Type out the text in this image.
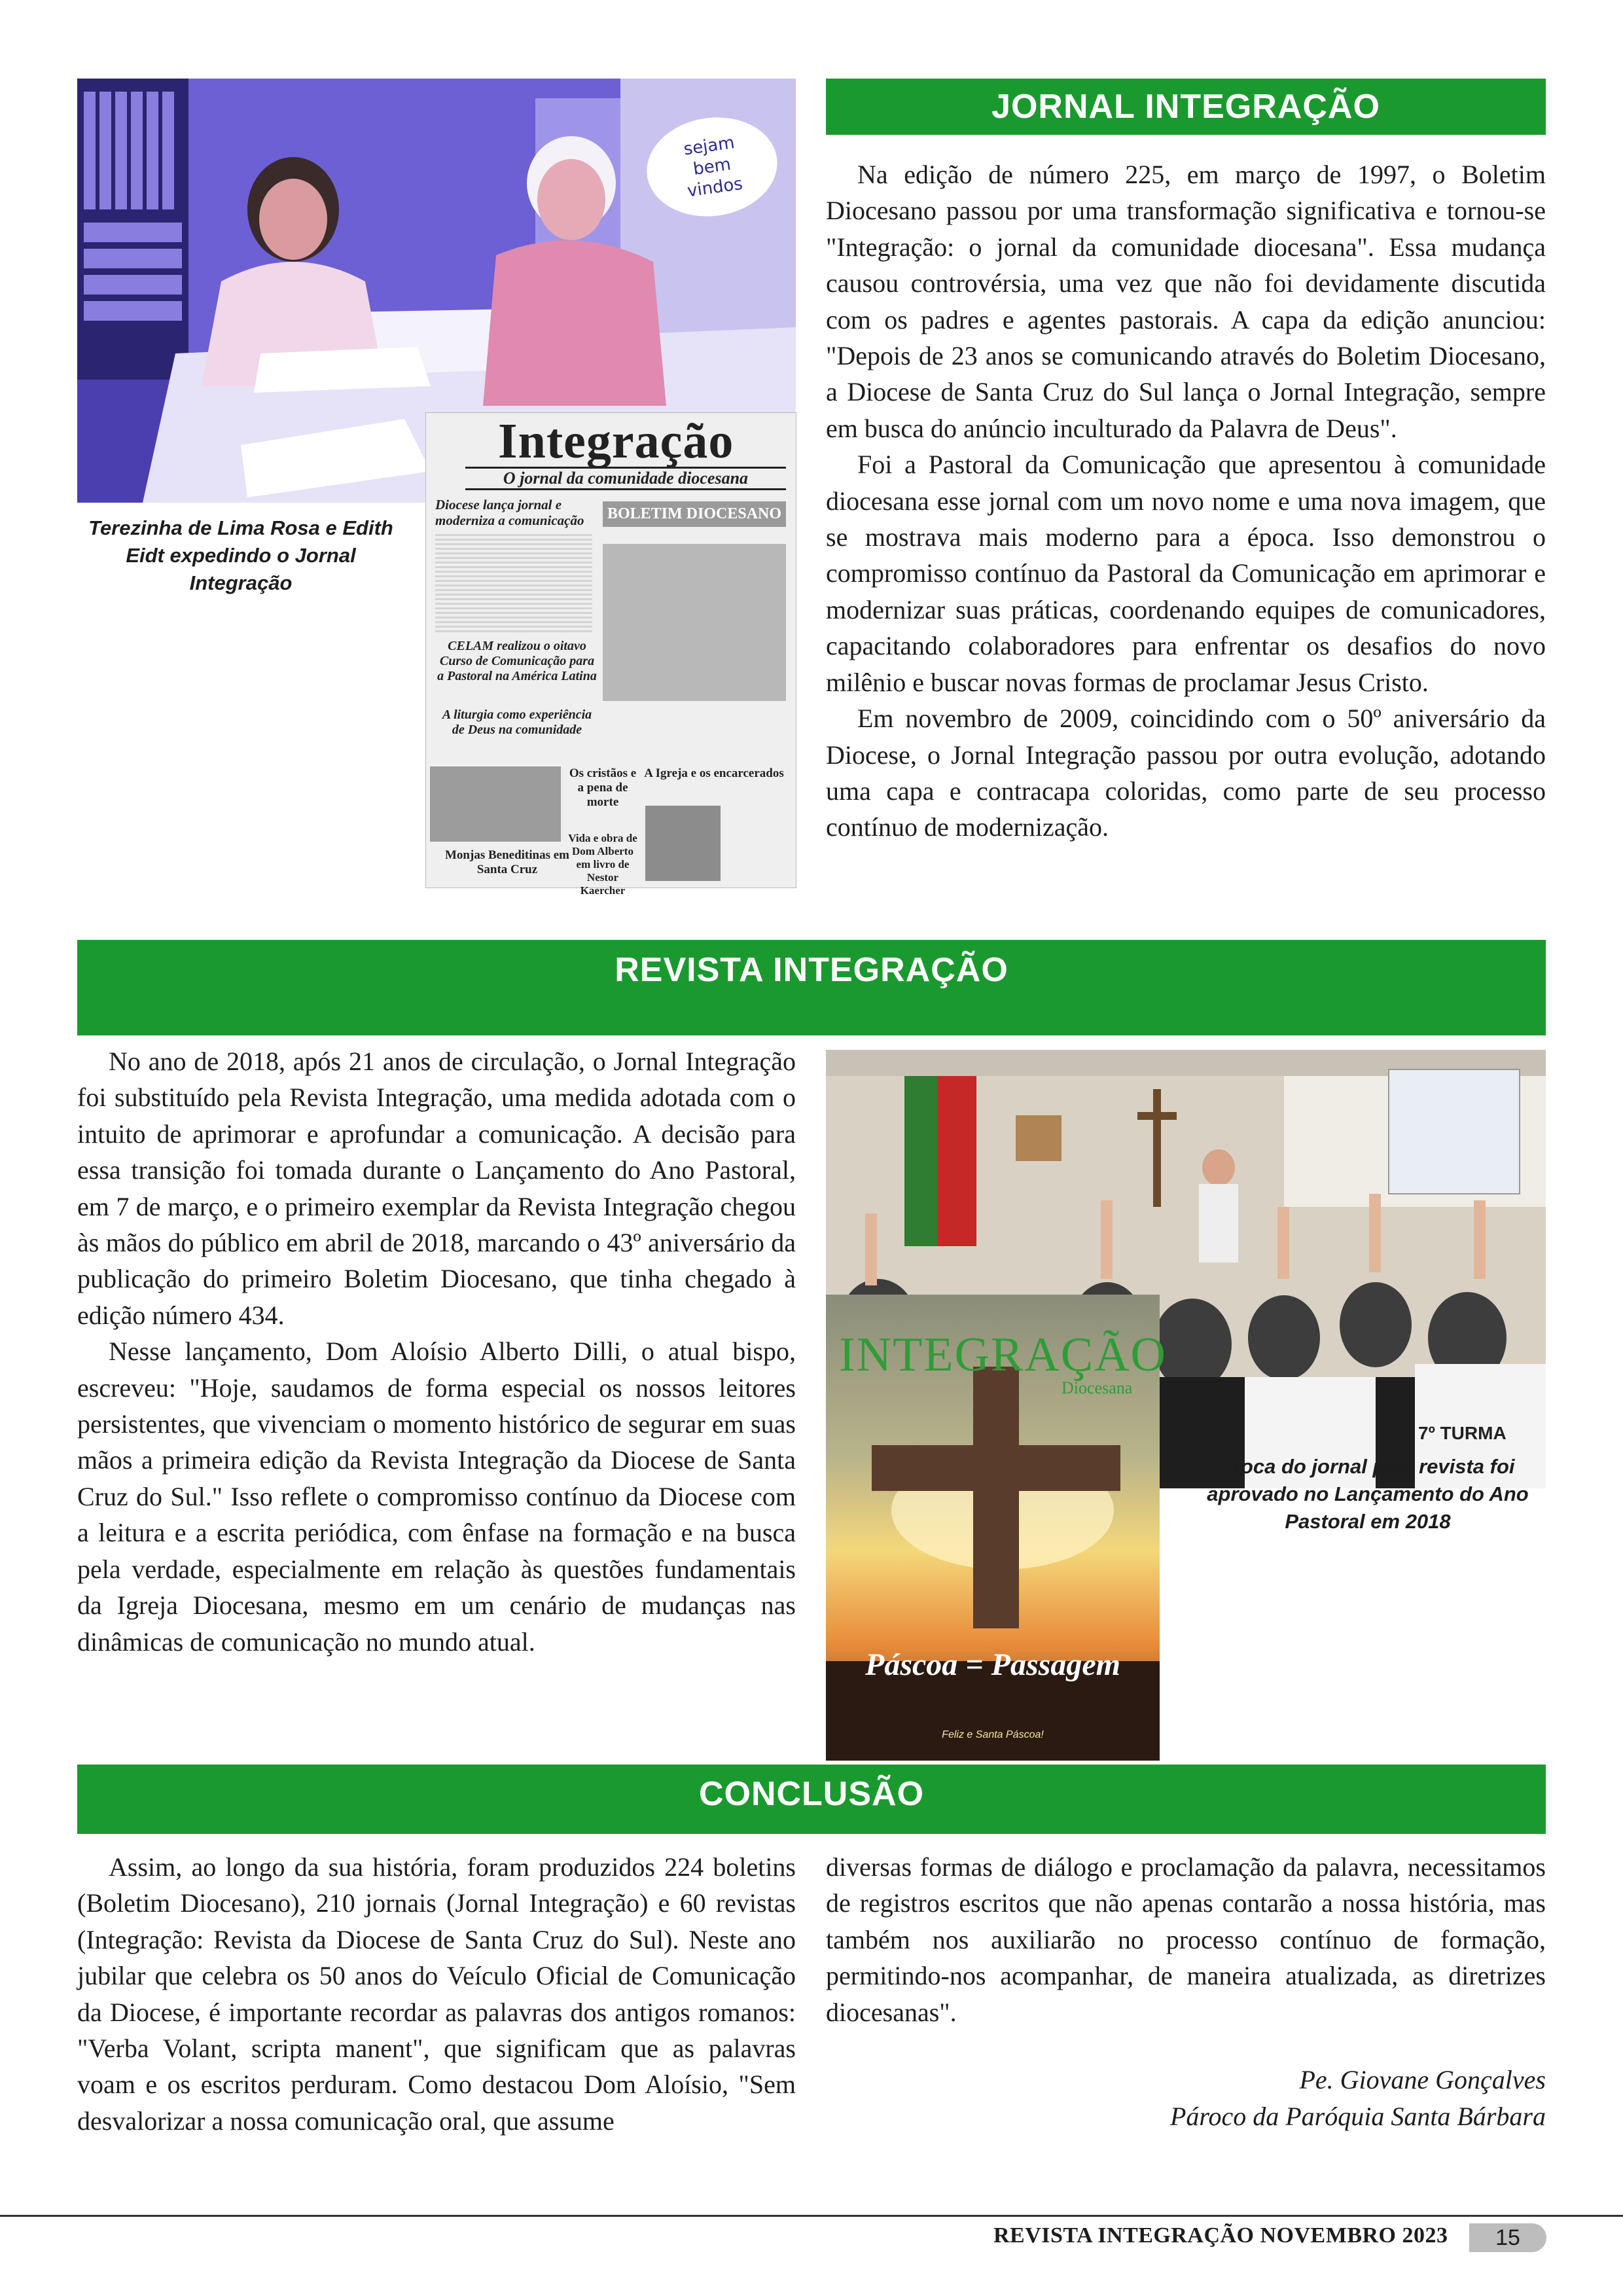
sejam
bem
vindos
Integração
O jornal da comunidade diocesana
Diocese lança jornal e moderniza a comunicação	BOLETIM DIOCESANO
CELAM realizou o oitavo Curso de Comunicação para a Pastoral na América Latina
A liturgia como experiência de Deus na comunidade
Monjas Beneditinas em Santa Cruz
Os cristãos e a pena de morte
Vida e obra de Dom Alberto em livro de Nestor Kaercher
A Igreja e os encarcerados
Terezinha de Lima Rosa e Edith Eidt expedindo o Jornal Integração
JORNAL INTEGRAÇÃO

Na edição de número 225, em março de 1997, o Boletim Diocesano passou por uma transformação significativa e tornou-se "Integração: o jornal da comunidade diocesana". Essa mudança causou controvérsia, uma vez que não foi devidamente discutida com os padres e agentes pastorais. A capa da edição anunciou: "Depois de 23 anos se comunicando através do Boletim Diocesano, a Diocese de Santa Cruz do Sul lança o Jornal Integração, sempre em busca do anúncio inculturado da Palavra de Deus".

Foi a Pastoral da Comunicação que apresentou à comunidade diocesana esse jornal com um novo nome e uma nova imagem, que se mostrava mais moderno para a época. Isso demonstrou o compromisso contínuo da Pastoral da Comunicação em aprimorar e modernizar suas práticas, coordenando equipes de comunicadores, capacitando colaboradores para enfrentar os desafios do novo milênio e buscar novas formas de proclamar Jesus Cristo.

Em novembro de 2009, coincidindo com o 50º aniversário da Diocese, o Jornal Integração passou por outra evolução, adotando uma capa e contracapa coloridas, como parte de seu processo contínuo de modernização.

REVISTA INTEGRAÇÃO

No ano de 2018, após 21 anos de circulação, o Jornal Integração foi substituído pela Revista Integração, uma medida adotada com o intuito de aprimorar e aprofundar a comunicação. A decisão para essa transição foi tomada durante o Lançamento do Ano Pastoral, em 7 de março, e o primeiro exemplar da Revista Integração chegou às mãos do público em abril de 2018, marcando o 43º aniversário da publicação do primeiro Boletim Diocesano, que tinha chegado à edição número 434.

Nesse lançamento, Dom Aloísio Alberto Dilli, o atual bispo, escreveu: "Hoje, saudamos de forma especial os nossos leitores persistentes, que vivenciam o momento histórico de segurar em suas mãos a primeira edição da Revista Integração da Diocese de Santa Cruz do Sul." Isso reflete o compromisso contínuo da Diocese com a leitura e a escrita periódica, com ênfase na formação e na busca pela verdade, especialmente em relação às questões fundamentais da Igreja Diocesana, mesmo em um cenário de mudanças nas dinâmicas de comunicação no mundo atual.

7º TURMA
INTEGRAÇÃO
Diocesana
Páscoa = Passagem
Feliz e Santa Páscoa!
Troca do jornal pela revista foi aprovado no Lançamento do Ano Pastoral em 2018
CONCLUSÃO

Assim, ao longo da sua história, foram produzidos 224 boletins (Boletim Diocesano), 210 jornais (Jornal Integração) e 60 revistas (Integração: Revista da Diocese de Santa Cruz do Sul). Neste ano jubilar que celebra os 50 anos do Veículo Oficial de Comunicação da Diocese, é importante recordar as palavras dos antigos romanos: "Verba Volant, scripta manent", que significam que as palavras voam e os escritos perduram. Como destacou Dom Aloísio, "Sem desvalorizar a nossa comunicação oral, que assume

diversas formas de diálogo e proclamação da palavra, necessitamos de registros escritos que não apenas contarão a nossa história, mas também nos auxiliarão no processo contínuo de formação, permitindo-nos acompanhar, de maneira atualizada, as diretrizes diocesanas".

Pe. Giovane Gonçalves
Pároco da Paróquia Santa Bárbara
REVISTA INTEGRAÇÃO NOVEMBRO 2023	15
